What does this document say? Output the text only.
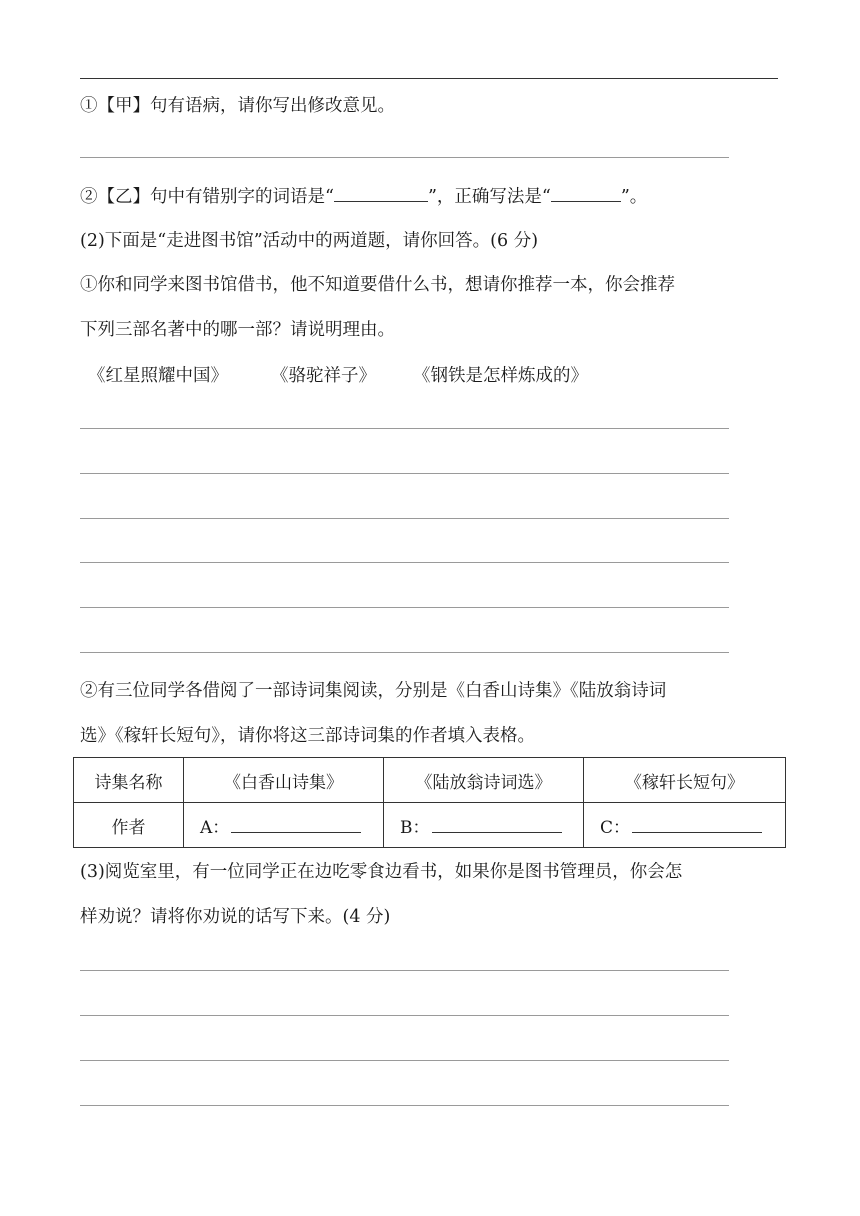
①【甲】句有语病，请你写出修改意见。
②【乙】句中有错别字的词语是“	”，正确写法是“	”。
(2)下面是“走进图书馆”活动中的两道题，请你回答。(6 分)
①你和同学来图书馆借书，他不知道要借什么书，想请你推荐一本，你会推荐
下列三部名著中的哪一部？请说明理由。
《红星照耀中国》 《骆驼祥子》 《钢铁是怎样炼成的》
②有三位同学各借阅了一部诗词集阅读，分别是《白香山诗集》《陆放翁诗词
选》《稼轩长短句》，请你将这三部诗词集的作者填入表格。
诗集名称	《白香山诗集》	《陆放翁诗词选》	《稼轩长短句》
作者	A：	B：	C：
(3)阅览室里，有一位同学正在边吃零食边看书，如果你是图书管理员，你会怎
样劝说？请将你劝说的话写下来。(4 分)
